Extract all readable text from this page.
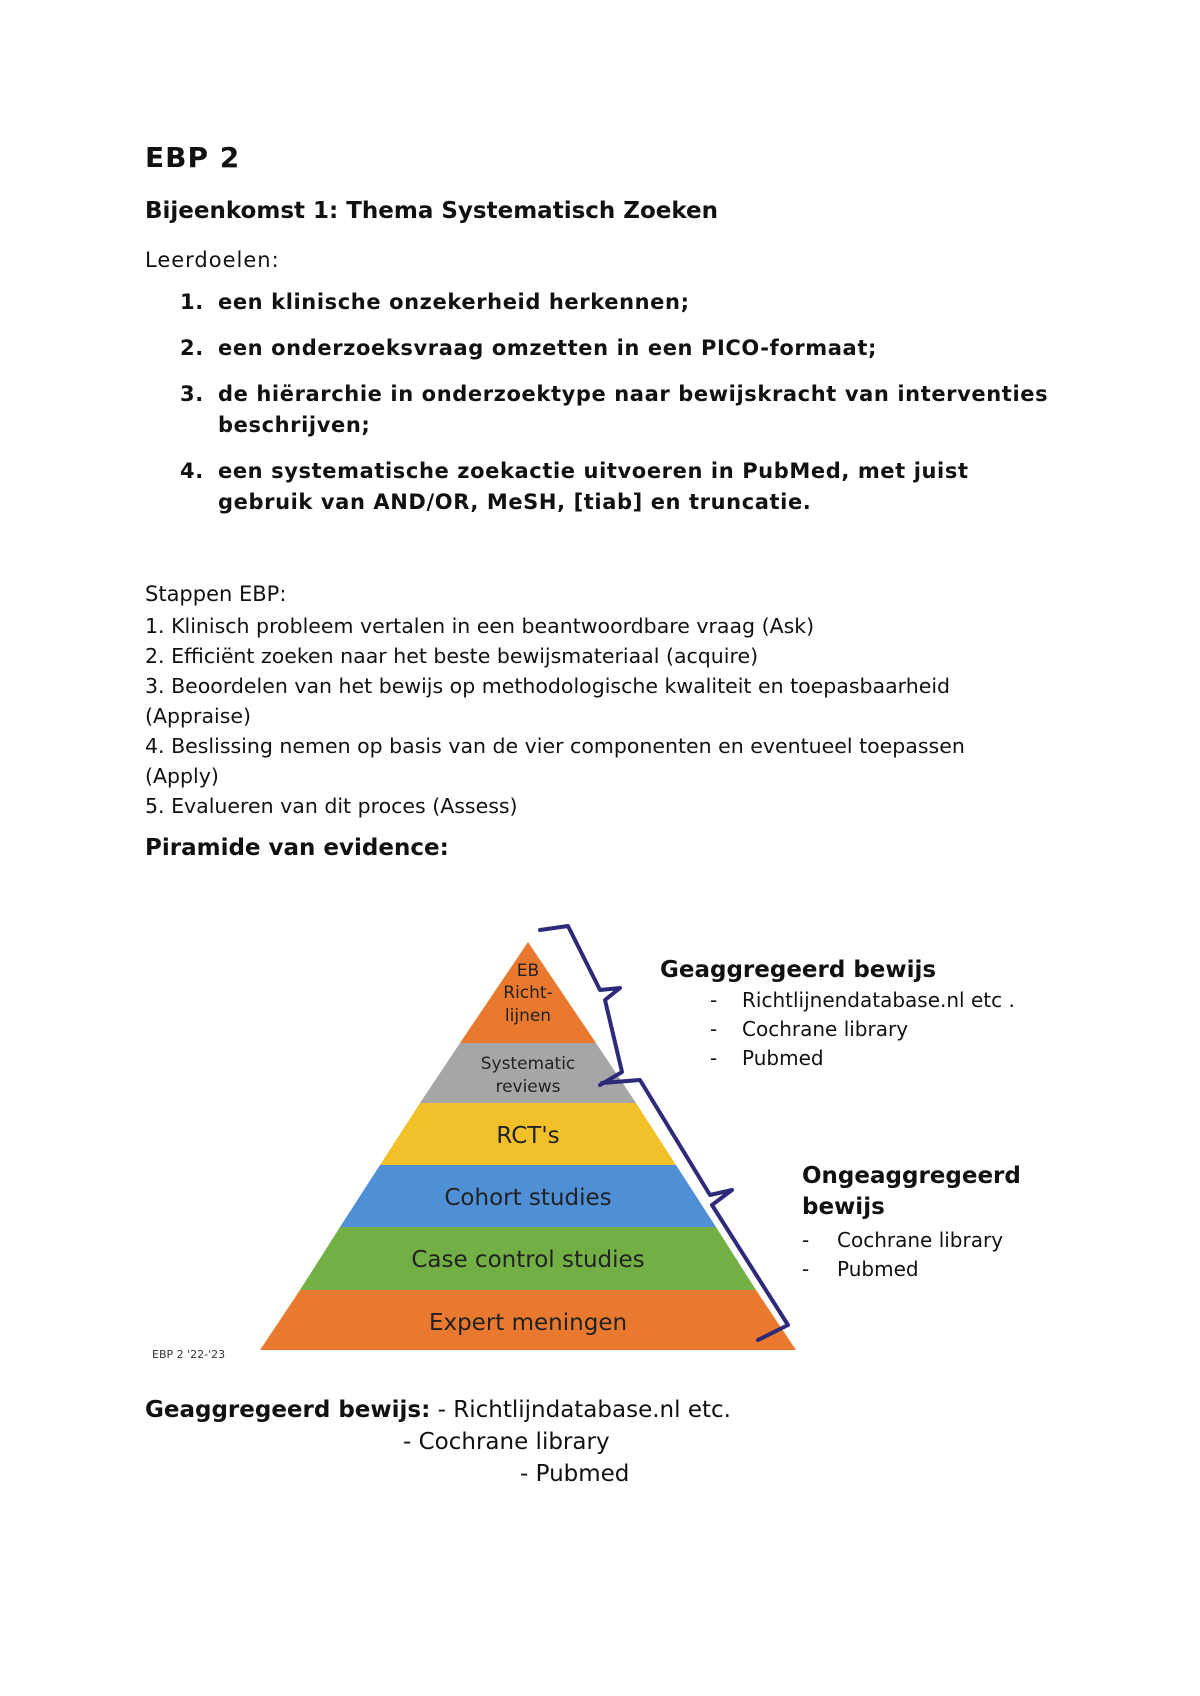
EBP 2
Bijeenkomst 1: Thema Systematisch Zoeken
Leerdoelen:
1. een klinische onzekerheid herkennen;
2. een onderzoeksvraag omzetten in een PICO-formaat;
3. de hiërarchie in onderzoektype naar bewijskracht van interventies
beschrijven;
4. een systematische zoekactie uitvoeren in PubMed, met juist
gebruik van AND/OR, MeSH, [tiab] en truncatie.
Stappen EBP:
1. Klinisch probleem vertalen in een beantwoordbare vraag (Ask)
2. Efficiënt zoeken naar het beste bewijsmateriaal (acquire)
3. Beoordelen van het bewijs op methodologische kwaliteit en toepasbaarheid
(Appraise)
4. Beslissing nemen op basis van de vier componenten en eventueel toepassen
(Apply)
5. Evalueren van dit proces (Assess)
Piramide van evidence:
EB
Richt-
lijnen
Systematic
reviews
RCT's
Cohort studies
Case control studies
Expert meningen
Geaggregeerd bewijs
- Richtlijnendatabase.nl etc .
- Cochrane library
- Pubmed
Ongeaggregeerd
bewijs
- Cochrane library
- Pubmed
EBP 2 '22-'23
Geaggregeerd bewijs: - Richtlijndatabase.nl etc.
- Cochrane library
- Pubmed
